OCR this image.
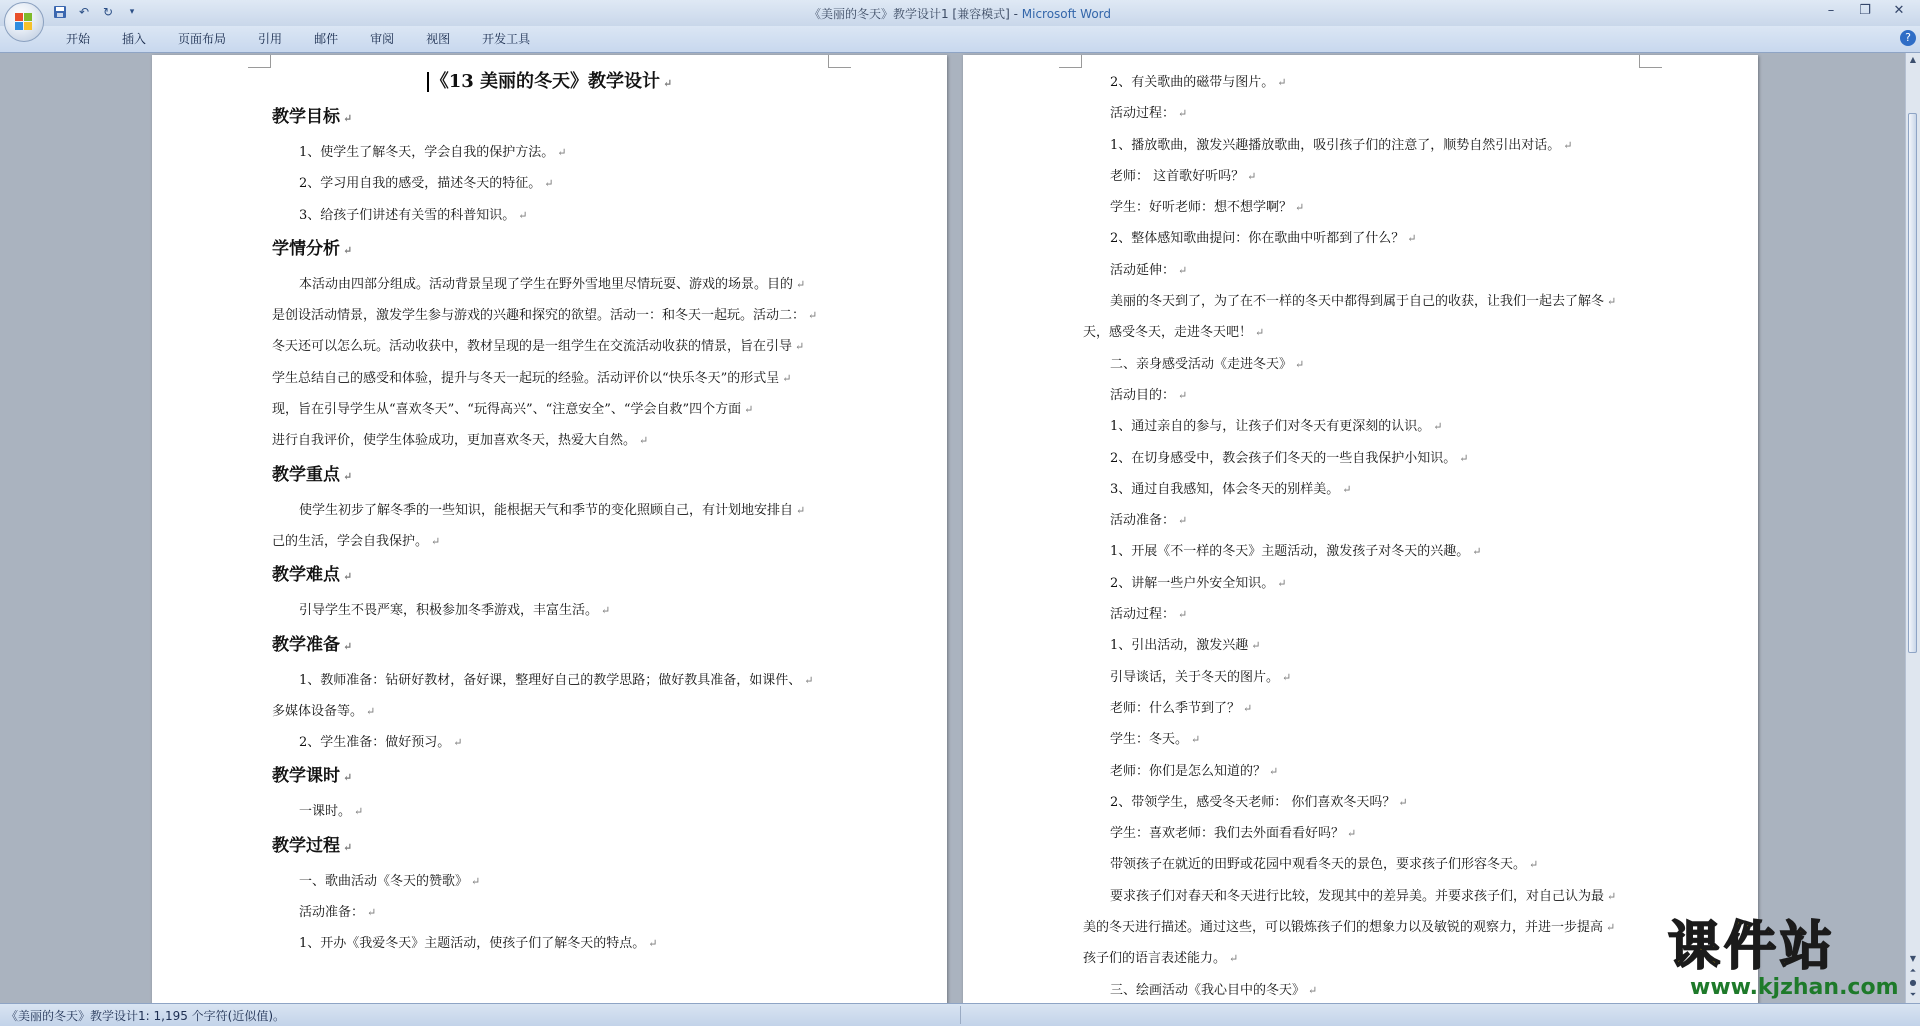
↶ ↻	▾	《美丽的冬天》教学设计1 [兼容模式] - Microsoft Word	–	❐	✕
开始	插入	页面布局	引用	邮件	审阅	视图	开发工具	?

《13 美丽的冬天》教学设计 ↵

教学目标 ↵

1、使学生了解冬天，学会自我的保护方法。 ↵

2、学习用自我的感受，描述冬天的特征。 ↵

3、给孩子们讲述有关雪的科普知识。 ↵

学情分析 ↵

本活动由四部分组成。活动背景呈现了学生在野外雪地里尽情玩耍、游戏的场景。目的 ↵

是创设活动情景，激发学生参与游戏的兴趣和探究的欲望。活动一：和冬天一起玩。活动二： ↵

冬天还可以怎么玩。活动收获中，教材呈现的是一组学生在交流活动收获的情景，旨在引导 ↵

学生总结自己的感受和体验，提升与冬天一起玩的经验。活动评价以“快乐冬天”的形式呈 ↵

现，旨在引导学生从“喜欢冬天”、“玩得高兴”、“注意安全”、“学会自救”四个方面 ↵

进行自我评价，使学生体验成功，更加喜欢冬天，热爱大自然。 ↵

教学重点 ↵

使学生初步了解冬季的一些知识，能根据天气和季节的变化照顾自己，有计划地安排自 ↵

己的生活，学会自我保护。 ↵

教学难点 ↵

引导学生不畏严寒，积极参加冬季游戏，丰富生活。 ↵

教学准备 ↵

1、教师准备：钻研好教材，备好课，整理好自己的教学思路；做好教具准备，如课件、 ↵

多媒体设备等。 ↵

2、学生准备：做好预习。 ↵

教学课时 ↵

一课时。 ↵

教学过程 ↵

一、歌曲活动《冬天的赞歌》 ↵

活动准备： ↵

1、开办《我爱冬天》主题活动，使孩子们了解冬天的特点。 ↵

2、有关歌曲的磁带与图片。 ↵

活动过程： ↵

1、播放歌曲，激发兴趣播放歌曲，吸引孩子们的注意了，顺势自然引出对话。 ↵

老师： 这首歌好听吗？ ↵

学生：好听老师：想不想学啊？ ↵

2、整体感知歌曲提问：你在歌曲中听都到了什么？ ↵

活动延伸： ↵

美丽的冬天到了，为了在不一样的冬天中都得到属于自己的收获，让我们一起去了解冬 ↵

天，感受冬天，走进冬天吧！ ↵

二、亲身感受活动《走进冬天》 ↵

活动目的： ↵

1、通过亲自的参与，让孩子们对冬天有更深刻的认识。 ↵

2、在切身感受中，教会孩子们冬天的一些自我保护小知识。 ↵

3、通过自我感知，体会冬天的别样美。 ↵

活动准备： ↵

1、开展《不一样的冬天》主题活动，激发孩子对冬天的兴趣。 ↵

2、讲解一些户外安全知识。 ↵

活动过程： ↵

1、引出活动，激发兴趣 ↵

引导谈话，关于冬天的图片。 ↵

老师：什么季节到了？ ↵

学生：冬天。 ↵

老师：你们是怎么知道的？ ↵

2、带领学生，感受冬天老师： 你们喜欢冬天吗？ ↵

学生：喜欢老师：我们去外面看看好吗？ ↵

带领孩子在就近的田野或花园中观看冬天的景色，要求孩子们形容冬天。 ↵

要求孩子们对春天和冬天进行比较，发现其中的差异美。并要求孩子们，对自己认为最 ↵

美的冬天进行描述。通过这些，可以锻炼孩子们的想象力以及敏锐的观察力，并进一步提高 ↵

孩子们的语言表述能力。 ↵

三、绘画活动《我心目中的冬天》 ↵

▲
▼
⏶
●
⏷
《美丽的冬天》教学设计1: 1,195 个字符(近似值)。
课件站
www.kjzhan.com
